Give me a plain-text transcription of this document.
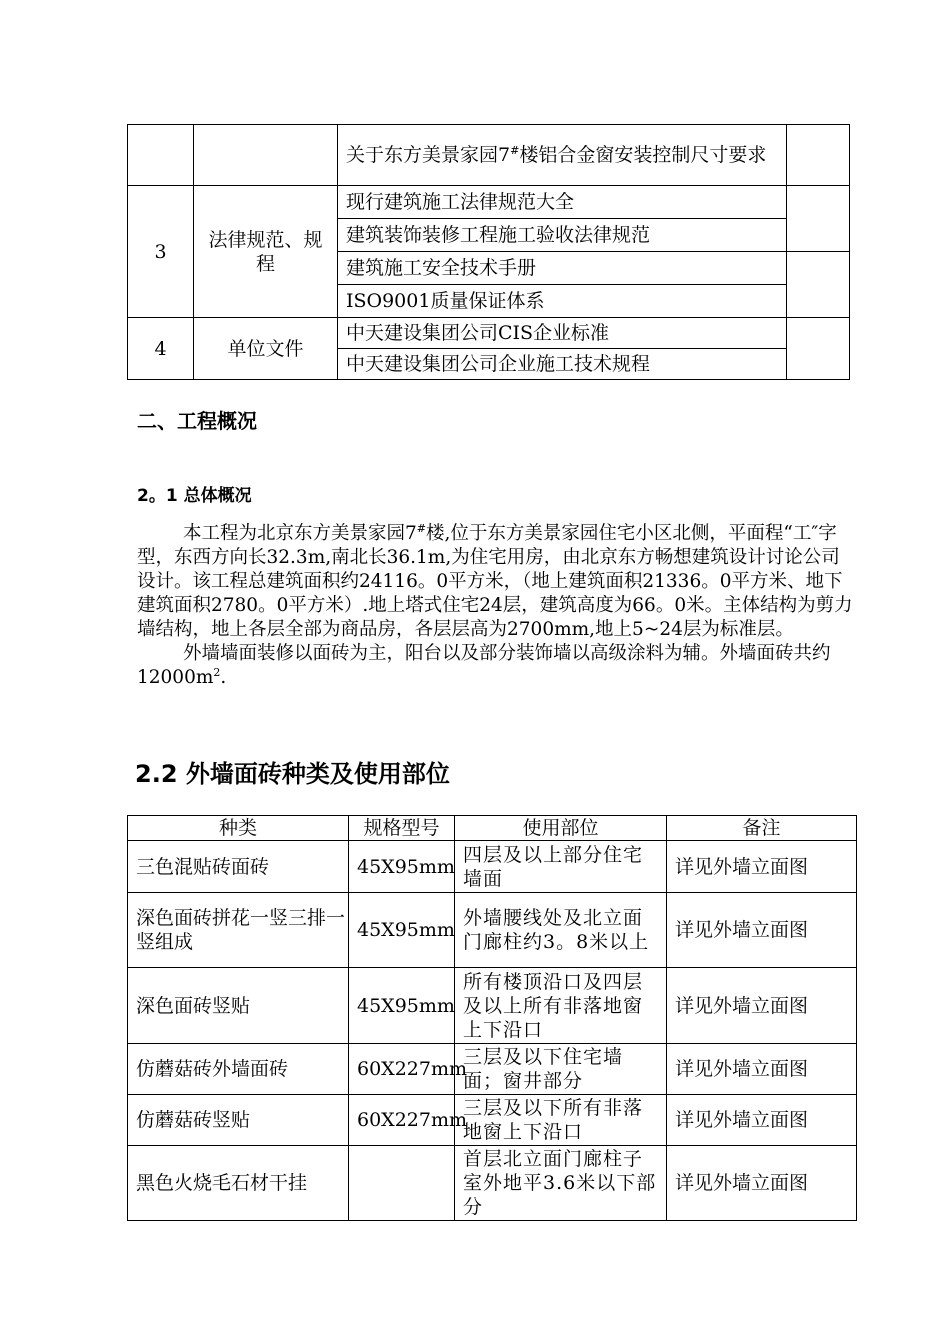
		关于东方美景家园7#楼铝合金窗安装控制尺寸要求	
3	法律规范、规程	现行建筑施工法律规范大全	
		建筑装饰装修工程施工验收法律规范	
		建筑施工安全技术手册	
		ISO9001质量保证体系	
4	单位文件	中天建设集团公司CIS企业标准	
		中天建设集团公司企业施工技术规程	
二、工程概况
2。1 总体概况

本工程为北京东方美景家园7#楼,位于东方美景家园住宅小区北侧，平面程“工″字型，东西方向长32.3m,南北长36.1m,为住宅用房，由北京东方畅想建筑设计讨论公司设计。该工程总建筑面积约24116。0平方米，（地上建筑面积21336。0平方米、地下建筑面积2780。0平方米）.地上塔式住宅24层，建筑高度为66。0米。主体结构为剪力墙结构，地上各层全部为商品房，各层层高为2700mm,地上5~24层为标准层。

外墙墙面装修以面砖为主，阳台以及部分装饰墙以高级涂料为辅。外墙面砖共约$12000m^2$.

2.2 外墙面砖种类及使用部位
种类	规格型号	使用部位	备注
三色混贴砖面砖	45X95mm	四层及以上部分住宅墙面	详见外墙立面图
深色面砖拼花一竖三排一竖组成	45X95mm	外墙腰线处及北立面门廊柱约3。8米以上	详见外墙立面图
深色面砖竖贴	45X95mm	所有楼顶沿口及四层及以上所有非落地窗上下沿口	详见外墙立面图
仿蘑菇砖外墙面砖	60X227mm	三层及以下住宅墙面；窗井部分	详见外墙立面图
仿蘑菇砖竖贴	60X227mm	三层及以下所有非落地窗上下沿口	详见外墙立面图
黑色火烧毛石材干挂		首层北立面门廊柱子室外地平3.6米以下部分	详见外墙立面图
